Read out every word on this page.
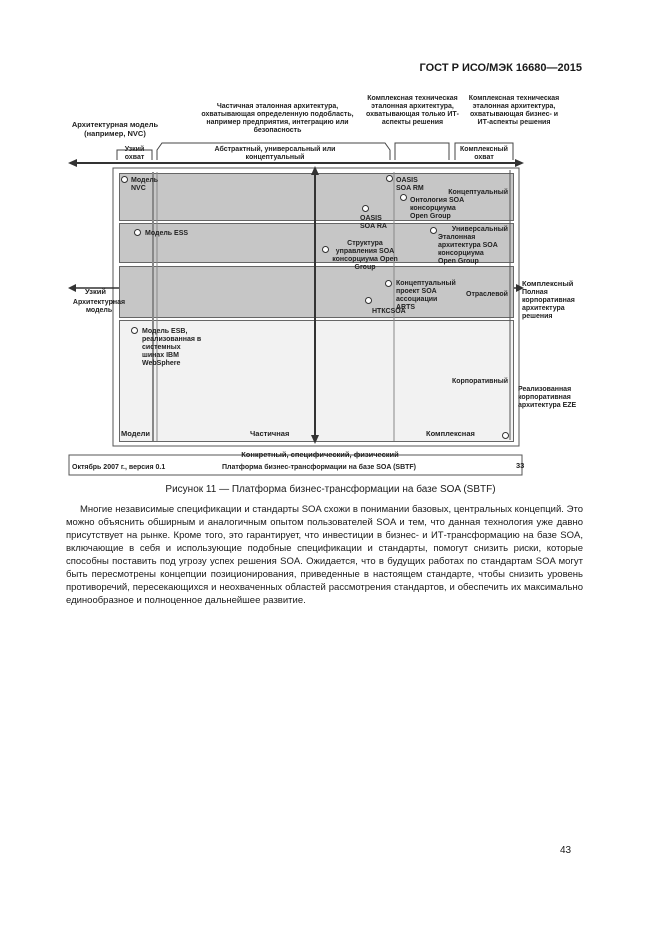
ГОСТ Р ИСО/МЭК 16680—2015
Частичная эталонная архитектура, охватывающая определенную подобласть, например предприятия, интеграцию или безопасность
Комплексная техническая эталонная архитектура, охватывающая только ИТ-аспекты решения
Комплексная техническая эталонная архитектура, охватывающая бизнес- и ИТ-аспекты решения
Архитектурная модель (например, NVC)
Узкий охват
Абстрактный, универсальный или концептуальный
Комплексный охват
Узкий
Архитектурная модель
Комплексный
Полная корпоративная архитектура решения
Реализованная корпоративная архитектура EZE
Концептуальный
Универсальный
Отраслевой
Корпоративный
Модели	Частичная	Комплексная
Модель NVC
OASIS SOA RM
Онтология SOA консорциума Open Group
OASIS SOA RA
Модель ESS
Эталонная архитектура SOA консорциума Open Group
Структура управления SOA консорциума Open Group
Концептуальный проект SOA ассоциации ARTS
НТКСSOA
Модель ESB, реализованная в системных шинах IBM WebSphere
Конкретный, специфический, физический
Октябрь 2007 г., версия 0.1	Платформа бизнес-трансформации на базе SOA (SBTF)	33
Рисунок 11 — Платформа бизнес-трансформации на базе SOA (SBTF)

Многие независимые спецификации и стандарты SOA схожи в понимании базовых, центральных концепций. Это можно объяснить обширным и аналогичным опытом пользователей SOA и тем, что данная технология уже давно присутствует на рынке. Кроме того, это гарантирует, что инвестиции в бизнес- и ИТ-трансформацию на базе SOA, включающие в себя и использующие подобные спецификации и стандарты, помогут снизить риски, которые способны поставить под угрозу успех решения SOA. Ожидается, что в будущих работах по стандартам SOA могут быть пересмотрены концепции позиционирования, приведенные в настоящем стандарте, чтобы снизить уровень противоречий, пересекающихся и неохваченных областей рассмотрения стандартов, и обеспечить их максимально единообразное и полноценное дальнейшее развитие.

43
